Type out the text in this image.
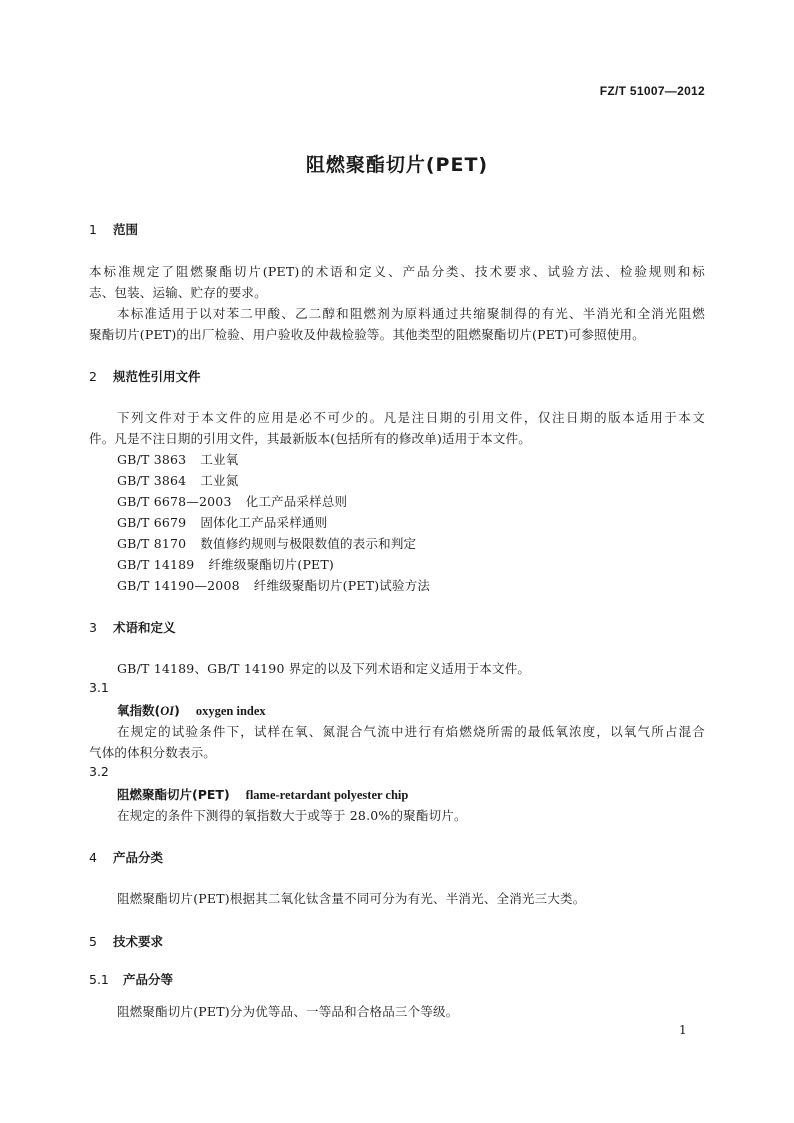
FZ/T 51007—2012
阻燃聚酯切片(PET)
1 范围
本标准规定了阻燃聚酯切片(PET)的术语和定义、产品分类、技术要求、试验方法、检验规则和标
志、包装、运输、贮存的要求。
本标准适用于以对苯二甲酸、乙二醇和阻燃剂为原料通过共缩聚制得的有光、半消光和全消光阻燃
聚酯切片(PET)的出厂检验、用户验收及仲裁检验等。其他类型的阻燃聚酯切片(PET)可参照使用。
2 规范性引用文件
下列文件对于本文件的应用是必不可少的。凡是注日期的引用文件，仅注日期的版本适用于本文
件。凡是不注日期的引用文件，其最新版本(包括所有的修改单)适用于本文件。
GB/T 3863 工业氧
GB/T 3864 工业氮
GB/T 6678—2003 化工产品采样总则
GB/T 6679 固体化工产品采样通则
GB/T 8170 数值修约规则与极限数值的表示和判定
GB/T 14189 纤维级聚酯切片(PET)
GB/T 14190—2008 纤维级聚酯切片(PET)试验方法
3 术语和定义
GB/T 14189、GB/T 14190 界定的以及下列术语和定义适用于本文件。
3.1
氧指数(OI) oxygen index
在规定的试验条件下，试样在氧、氮混合气流中进行有焰燃烧所需的最低氧浓度，以氧气所占混合
气体的体积分数表示。
3.2
阻燃聚酯切片(PET) flame-retardant polyester chip
在规定的条件下测得的氧指数大于或等于 28.0%的聚酯切片。
4 产品分类
阻燃聚酯切片(PET)根据其二氧化钛含量不同可分为有光、半消光、全消光三大类。
5 技术要求
5.1 产品分等
阻燃聚酯切片(PET)分为优等品、一等品和合格品三个等级。
1
